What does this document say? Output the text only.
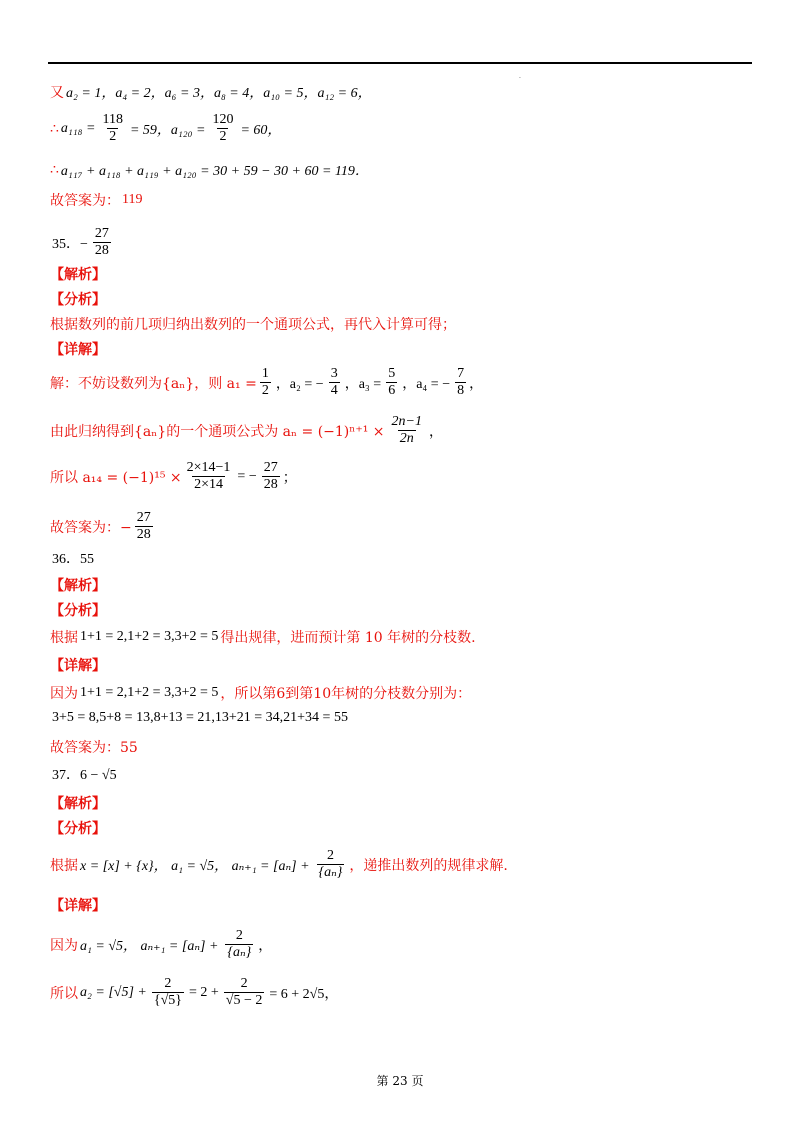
.
又 a₂ = 1，a₄ = 2，a₆ = 3，a₈ = 4，a₁₀ = 5，a₁₂ = 6，
∴ $a_{118} = \frac{118}{2} = 59$，$a_{120} = \frac{120}{2} = 60$，
∴ a₁₁₇ + a₁₁₈ + a₁₁₉ + a₁₂₀ = 30 + 59 − 30 + 60 = 119．
故答案为： 119
35．− $\frac{27}{28}$
【解析】
【分析】
根据数列的前几项归纳出数列的一个通项公式，再代入计算可得；
【详解】
解：不妨设数列为{aₙ}，则 $a_1 = \frac{1}{2}$ ，a₂ = − $\frac{3}{4}$ ，$a_3 = \frac{5}{6}$ ，a₄ = − $\frac{7}{8}$ ，
由此归纳得到{aₙ}的一个通项公式为 $a_n = (-1)^{n+1} \times \frac{2n-1}{2n}$ ，
所以 $a_{14} = (-1)^{15} \times \frac{2\times 14-1}{2\times 14}$ = − $\frac{27}{28}$ ；
故答案为：− $\frac{27}{28}$
36．55
【解析】
【分析】
根据 1+1 = 2,1+2 = 3,3+2 = 5 得出规律，进而预计第 10 年树的分枝数.
【详解】
因为 1+1 = 2,1+2 = 3,3+2 = 5 ，所以第6到第10年树的分枝数分别为：
3+5 = 8,5+8 = 13,8+13 = 21,13+21 = 34,21+34 = 55
故答案为：55
37．6 − √5
【解析】
【分析】
根据 x = [x] + {x}， a₁ = √5， $a_{n+1} = [a_n] + \frac{2}{\text{\{aₙ\}}}$ ，递推出数列的规律求解.
【详解】
因为 a₁ = √5， $a_{n+1} = [a_n] + \frac{2}{\text{\{aₙ\}}}$ ，
所以 $a_2 = [√5] + \frac{2}{\{√5\}} = 2 + \frac{2}{√5 - 2} = 6 + 2√5$，
第 23 页
